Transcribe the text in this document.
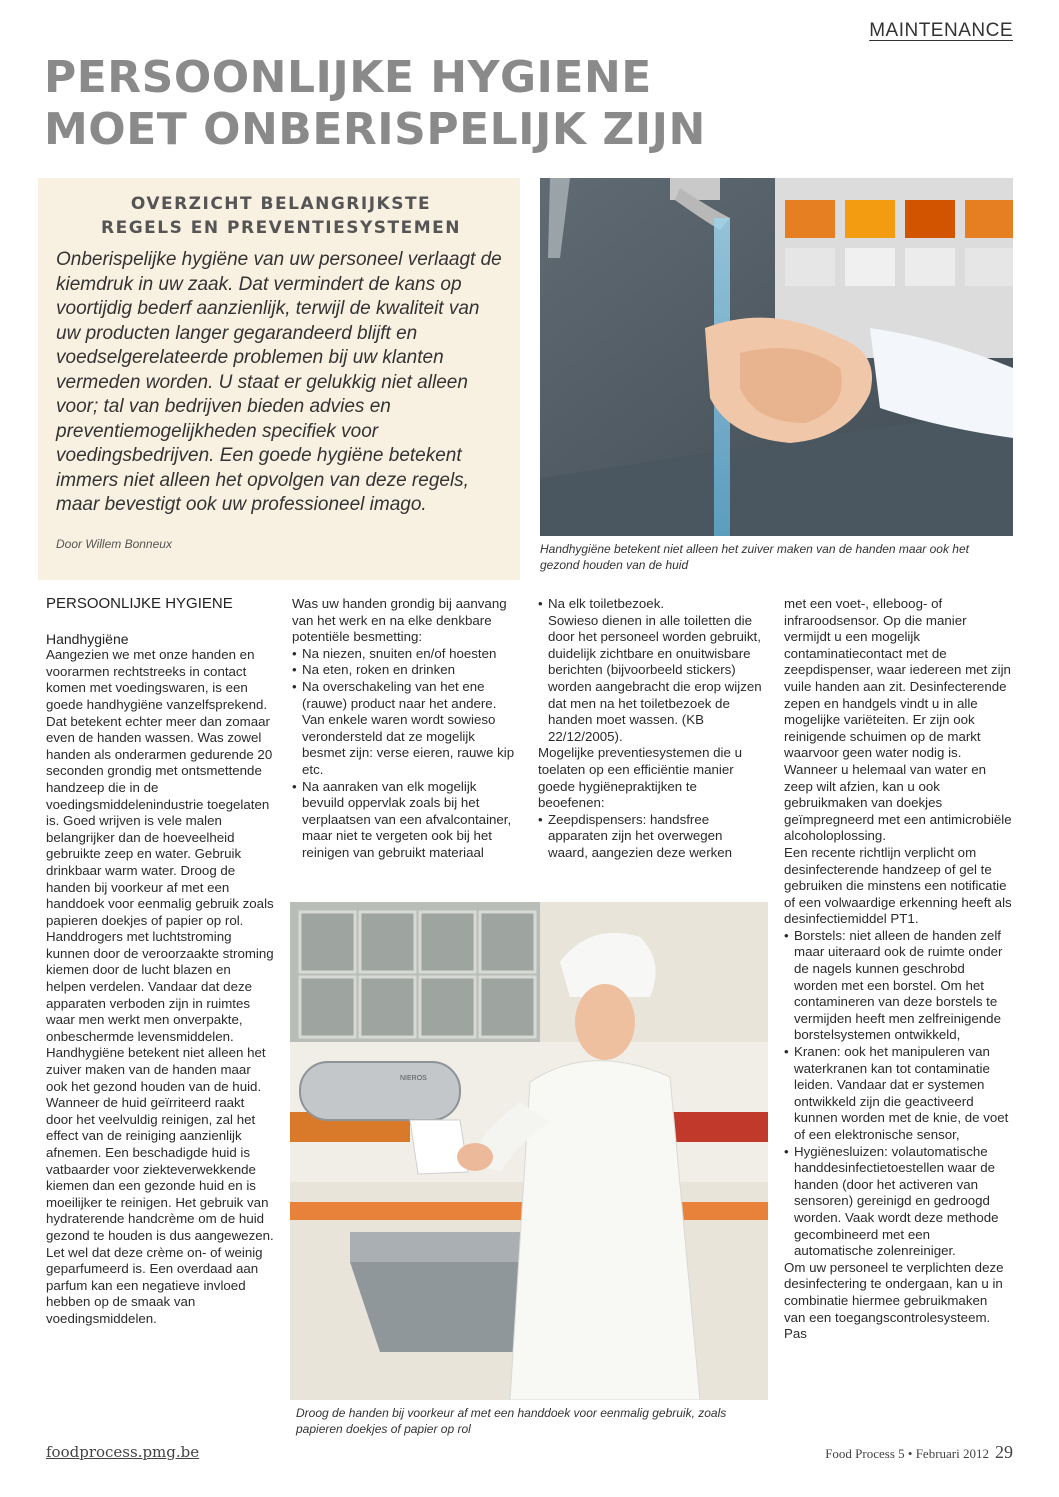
MAINTENANCE
PERSOONLIJKE HYGIENE
MOET ONBERISPELIJK ZIJN
OVERZICHT BELANGRIJKSTE
REGELS EN PREVENTIESYSTEMEN

Onberispelijke hygiëne van uw personeel verlaagt de kiemdruk in uw zaak. Dat vermindert de kans op voortijdig bederf aanzienlijk, terwijl de kwaliteit van uw producten langer gegarandeerd blijft en voedselgerelateerde problemen bij uw klanten vermeden worden. U staat er gelukkig niet alleen voor; tal van bedrijven bieden advies en preventiemogelijkheden specifiek voor voedingsbedrijven. Een goede hygiëne betekent immers niet alleen het opvolgen van deze regels, maar bevestigt ook uw professioneel imago.

Door Willem Bonneux	Handhygiëne betekent niet alleen het zuiver maken van de handen maar ook het gezond houden van de huid
PERSOONLIJKE HYGIENE
Handhygiëne

Aangezien we met onze handen en voorarmen rechtstreeks in contact komen met voedingswaren, is een goede handhygiëne vanzelfsprekend. Dat betekent echter meer dan zomaar even de handen wassen. Was zowel handen als onderarmen gedurende 20 seconden grondig met ontsmettende handzeep die in de voedingsmiddelenindustrie toegelaten is. Goed wrijven is vele malen belangrijker dan de hoeveelheid gebruikte zeep en water. Gebruik drinkbaar warm water. Droog de handen bij voorkeur af met een handdoek voor eenmalig gebruik zoals papieren doekjes of papier op rol.

Handdrogers met luchtstroming kunnen door de veroorzaakte stroming kiemen door de lucht blazen en helpen verdelen. Vandaar dat deze apparaten verboden zijn in ruimtes waar men werkt men onverpakte, onbeschermde levensmiddelen.

Handhygiëne betekent niet alleen het zuiver maken van de handen maar ook het gezond houden van de huid. Wanneer de huid geïrriteerd raakt door het veelvuldig reinigen, zal het effect van de reiniging aanzienlijk afnemen. Een beschadigde huid is vatbaarder voor ziekteverwekkende kiemen dan een gezonde huid en is moeilijker te reinigen. Het gebruik van hydraterende handcrème om de huid gezond te houden is dus aangewezen. Let wel dat deze crème on- of weinig geparfumeerd is. Een overdaad aan parfum kan een negatieve invloed hebben op de smaak van voedingsmiddelen.

Was uw handen grondig bij aanvang van het werk en na elke denkbare potentiële besmetting:

• Na niezen, snuiten en/of hoesten
• Na eten, roken en drinken
• Na overschakeling van het ene (rauwe) product naar het andere. Van enkele waren wordt sowieso verondersteld dat ze mogelijk besmet zijn: verse eieren, rauwe kip etc.
• Na aanraken van elk mogelijk bevuild oppervlak zoals bij het verplaatsen van een afvalcontainer, maar niet te vergeten ook bij het reinigen van gebruikt materiaal
• Na elk toiletbezoek.
Sowieso dienen in alle toiletten die door het personeel worden gebruikt, duidelijk zichtbare en onuitwisbare berichten (bijvoorbeeld stickers) worden aangebracht die erop wijzen dat men na het toiletbezoek de handen moet wassen. (KB 22/12/2005).

Mogelijke preventiesystemen die u toelaten op een efficiëntie manier goede hygiënepraktijken te beoefenen:

• Zeepdispensers: handsfree apparaten zijn het overwegen waard, aangezien deze werken
NIEROS
Droog de handen bij voorkeur af met een handdoek voor eenmalig gebruik, zoals papieren doekjes of papier op rol

met een voet-, elleboog- of infraroodsensor. Op die manier vermijdt u een mogelijk contaminatiecontact met de zeepdispenser, waar iedereen met zijn vuile handen aan zit. Desinfecterende zepen en handgels vindt u in alle mogelijke variëteiten. Er zijn ook reinigende schuimen op de markt waarvoor geen water nodig is. Wanneer u helemaal van water en zeep wilt afzien, kan u ook gebruikmaken van doekjes geïmpregneerd met een antimicrobiële alcoholoplossing.

Een recente richtlijn verplicht om desinfecterende handzeep of gel te gebruiken die minstens een notificatie of een volwaardige erkenning heeft als desinfectiemiddel PT1.

• Borstels: niet alleen de handen zelf maar uiteraard ook de ruimte onder de nagels kunnen geschrobd worden met een borstel. Om het contamineren van deze borstels te vermijden heeft men zelfreinigende borstelsystemen ontwikkeld,
• Kranen: ook het manipuleren van waterkranen kan tot contaminatie leiden. Vandaar dat er systemen ontwikkeld zijn die geactiveerd kunnen worden met de knie, de voet of een elektronische sensor,
• Hygiënesluizen: volautomatische handdesinfectietoestellen waar de handen (door het activeren van sensoren) gereinigd en gedroogd worden. Vaak wordt deze methode gecombineerd met een automatische zolenreiniger.

Om uw personeel te verplichten deze desinfectering te ondergaan, kan u in combinatie hiermee gebruikmaken van een toegangscontrolesysteem. Pas

foodprocess.pmg.be	Food Process 5 • Februari 2012 29
